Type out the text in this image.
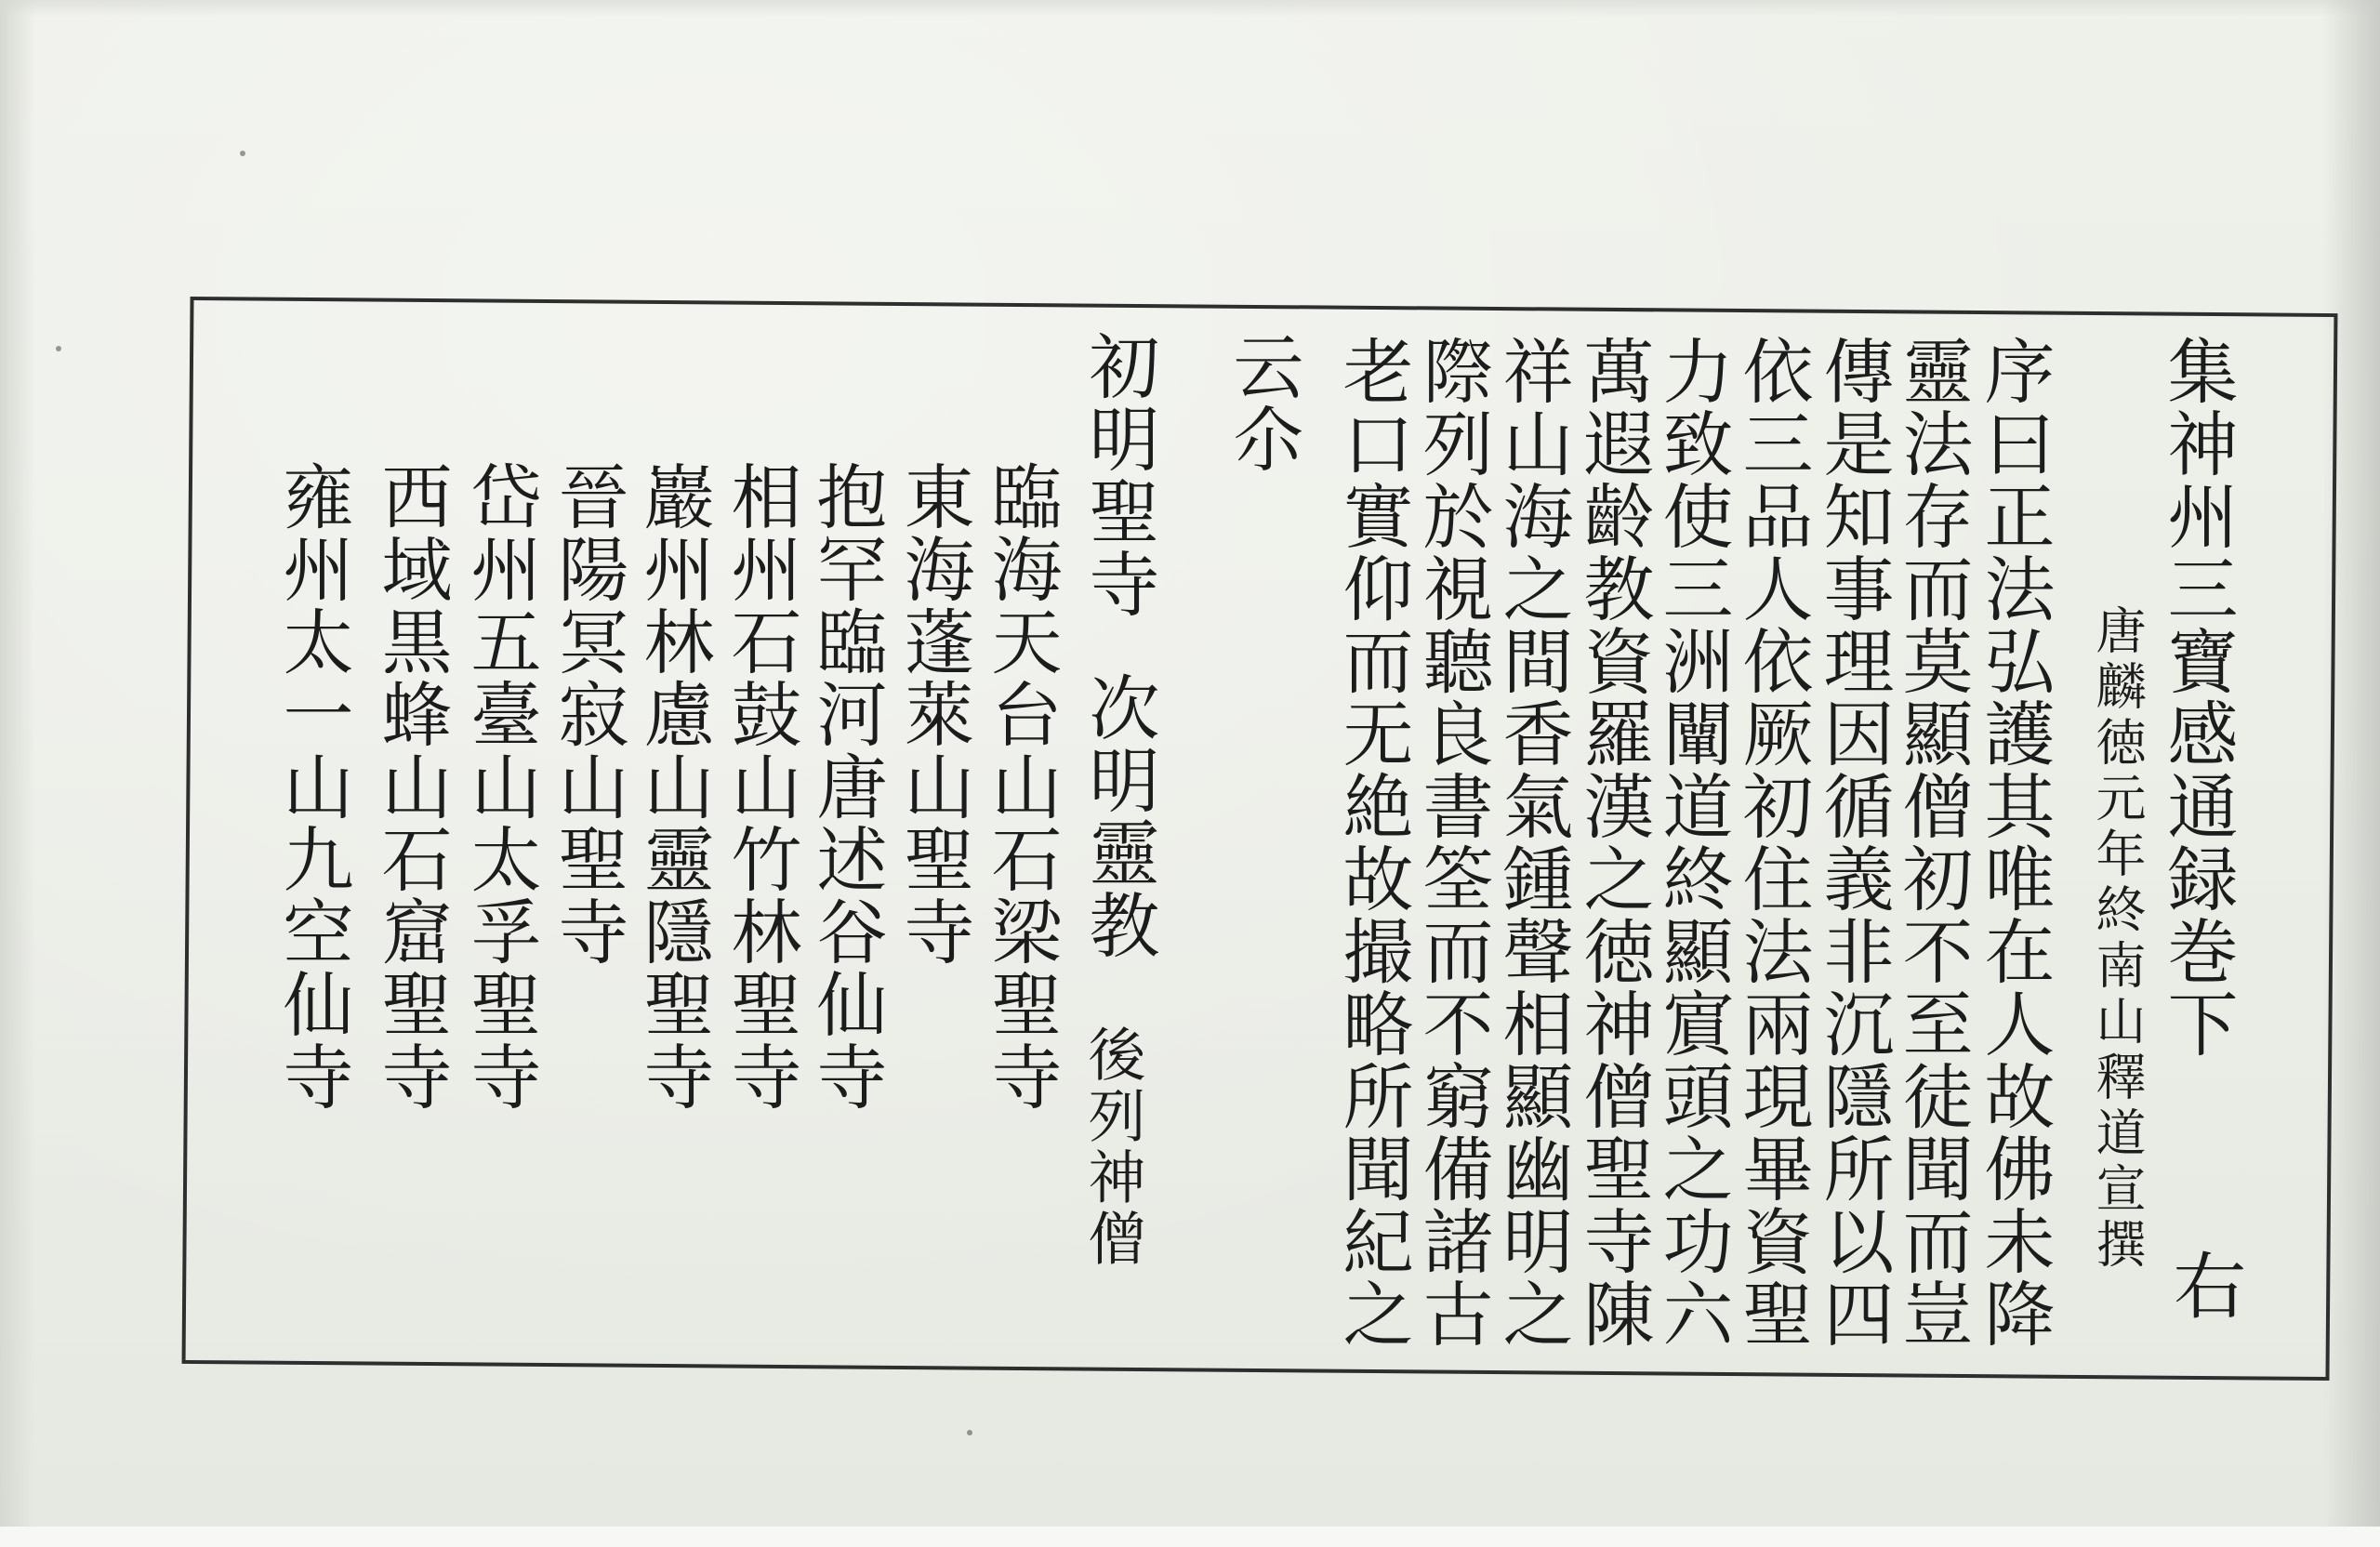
集神州三寶感通録巻下
唐麟徳元年終南山釋道宣撰
序曰正法弘護其唯在人故佛未降
靈法存而莫顯僧初不至徒聞而豈
傳是知事理因循義非沉隱所以四
依三品人依厥初住法兩現畢資聖
力致使三洲闡道終顯賔頭之功六
萬遐齡教資羅漢之徳神僧聖寺陳
祥山海之間香氣鍾聲相顯幽明之
際列於視聽良書筌而不窮備諸古
老口實仰而无絶故撮略所聞紀之
云尒
初明聖寺
次明靈教
後列神僧
臨海天台山石梁聖寺
東海蓬萊山聖寺
抱罕臨河唐述谷仙寺
相州石鼓山竹林聖寺
巖州林慮山靈隱聖寺
晉陽冥寂山聖寺
岱州五臺山太孚聖寺
西域黒蜂山石窟聖寺
雍州太一山九空仙寺
右
